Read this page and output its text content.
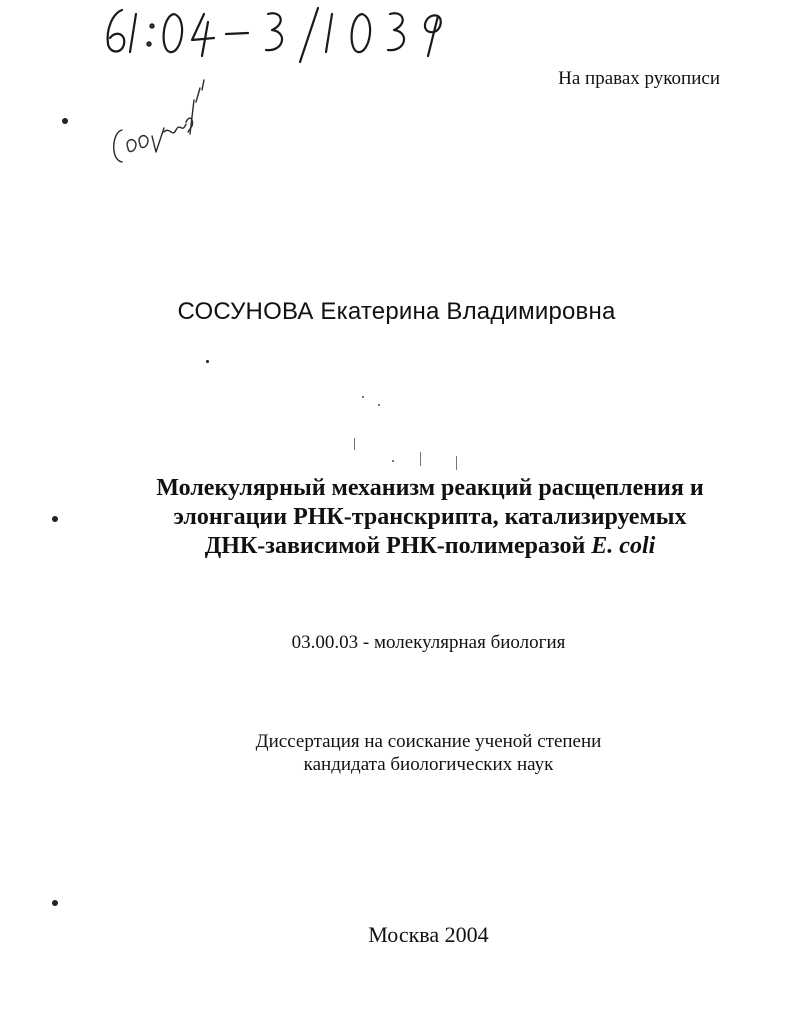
На правах рукописи
СОСУНОВА Екатерина Владимировна
Молекулярный механизм реакций расщепления и
элонгации РНК-транскрипта, катализируемых
ДНК-зависимой РНК-полимеразой E. coli
03.00.03 - молекулярная биология
Диссертация на соискание ученой степени
кандидата биологических наук
Москва 2004
